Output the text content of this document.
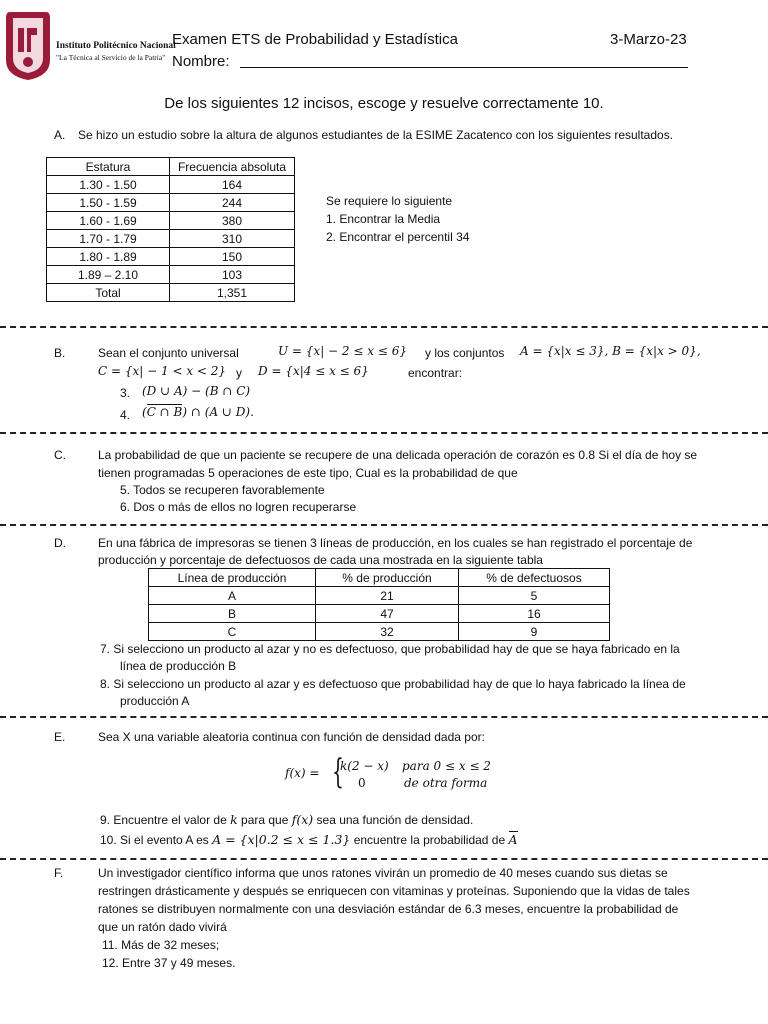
Instituto Politécnico Nacional
"La Técnica al Servicio de la Patria"
Examen ETS de Probabilidad y Estadística	3-Marzo-23
Nombre:
De los siguientes 12 incisos, escoge y resuelve correctamente 10.
A. Se hizo un estudio sobre la altura de algunos estudiantes de la ESIME Zacatenco con los siguientes resultados.
Estatura	Frecuencia absoluta
1.30 - 1.50	164
1.50 - 1.59	244
1.60 - 1.69	380
1.70 - 1.79	310
1.80 - 1.89	150
1.89 – 2.10	103
Total	1,351
Se requiere lo siguiente
1. Encontrar la Media
2. Encontrar el percentil 34
B.	Sean el conjunto universal	U = {x| − 2 ≤ x ≤ 6} y los conjuntos A = {x|x ≤ 3}, B = {x|x > 0},
C = {x| − 1 < x < 2} y D = {x|4 ≤ x ≤ 6}	encontrar:
3. (D ∪ A) − (B ∩ C)
4. (C ∩ B) ∩ (A ∪ D).
C.	La probabilidad de que un paciente se recupere de una delicada operación de corazón es 0.8 Si el día de hoy se
tienen programadas 5 operaciones de este tipo, Cual es la probabilidad de que
5. Todos se recuperen favorablemente
6. Dos o más de ellos no logren recuperarse
D.	En una fábrica de impresoras se tienen 3 líneas de producción, en los cuales se han registrado el porcentaje de
producción y porcentaje de defectuosos de cada una mostrada en la siguiente tabla
Línea de producción	% de producción	% de defectuosos
A	21	5
B	47	16
C	32	9
7. Si selecciono un producto al azar y no es defectuoso, que probabilidad hay de que se haya fabricado en la
línea de producción B
8. Si selecciono un producto al azar y es defectuoso que probabilidad hay de que lo haya fabricado la línea de
producción A
E.	Sea X una variable aleatoria continua con función de densidad dada por:
f(x) = {
k(2 − x) para 0 ≤ x ≤ 2
0	de otra forma
9. Encuentre el valor de k para que f(x) sea una función de densidad.
10. Si el evento A es A = {x|0.2 ≤ x ≤ 1.3} encuentre la probabilidad de A
F.	Un investigador científico informa que unos ratones vivirán un promedio de 40 meses cuando sus dietas se
restringen drásticamente y después se enriquecen con vitaminas y proteínas. Suponiendo que la vidas de tales
ratones se distribuyen normalmente con una desviación estándar de 6.3 meses, encuentre la probabilidad de
que un ratón dado vivirá
11. Más de 32 meses;
12. Entre 37 y 49 meses.
